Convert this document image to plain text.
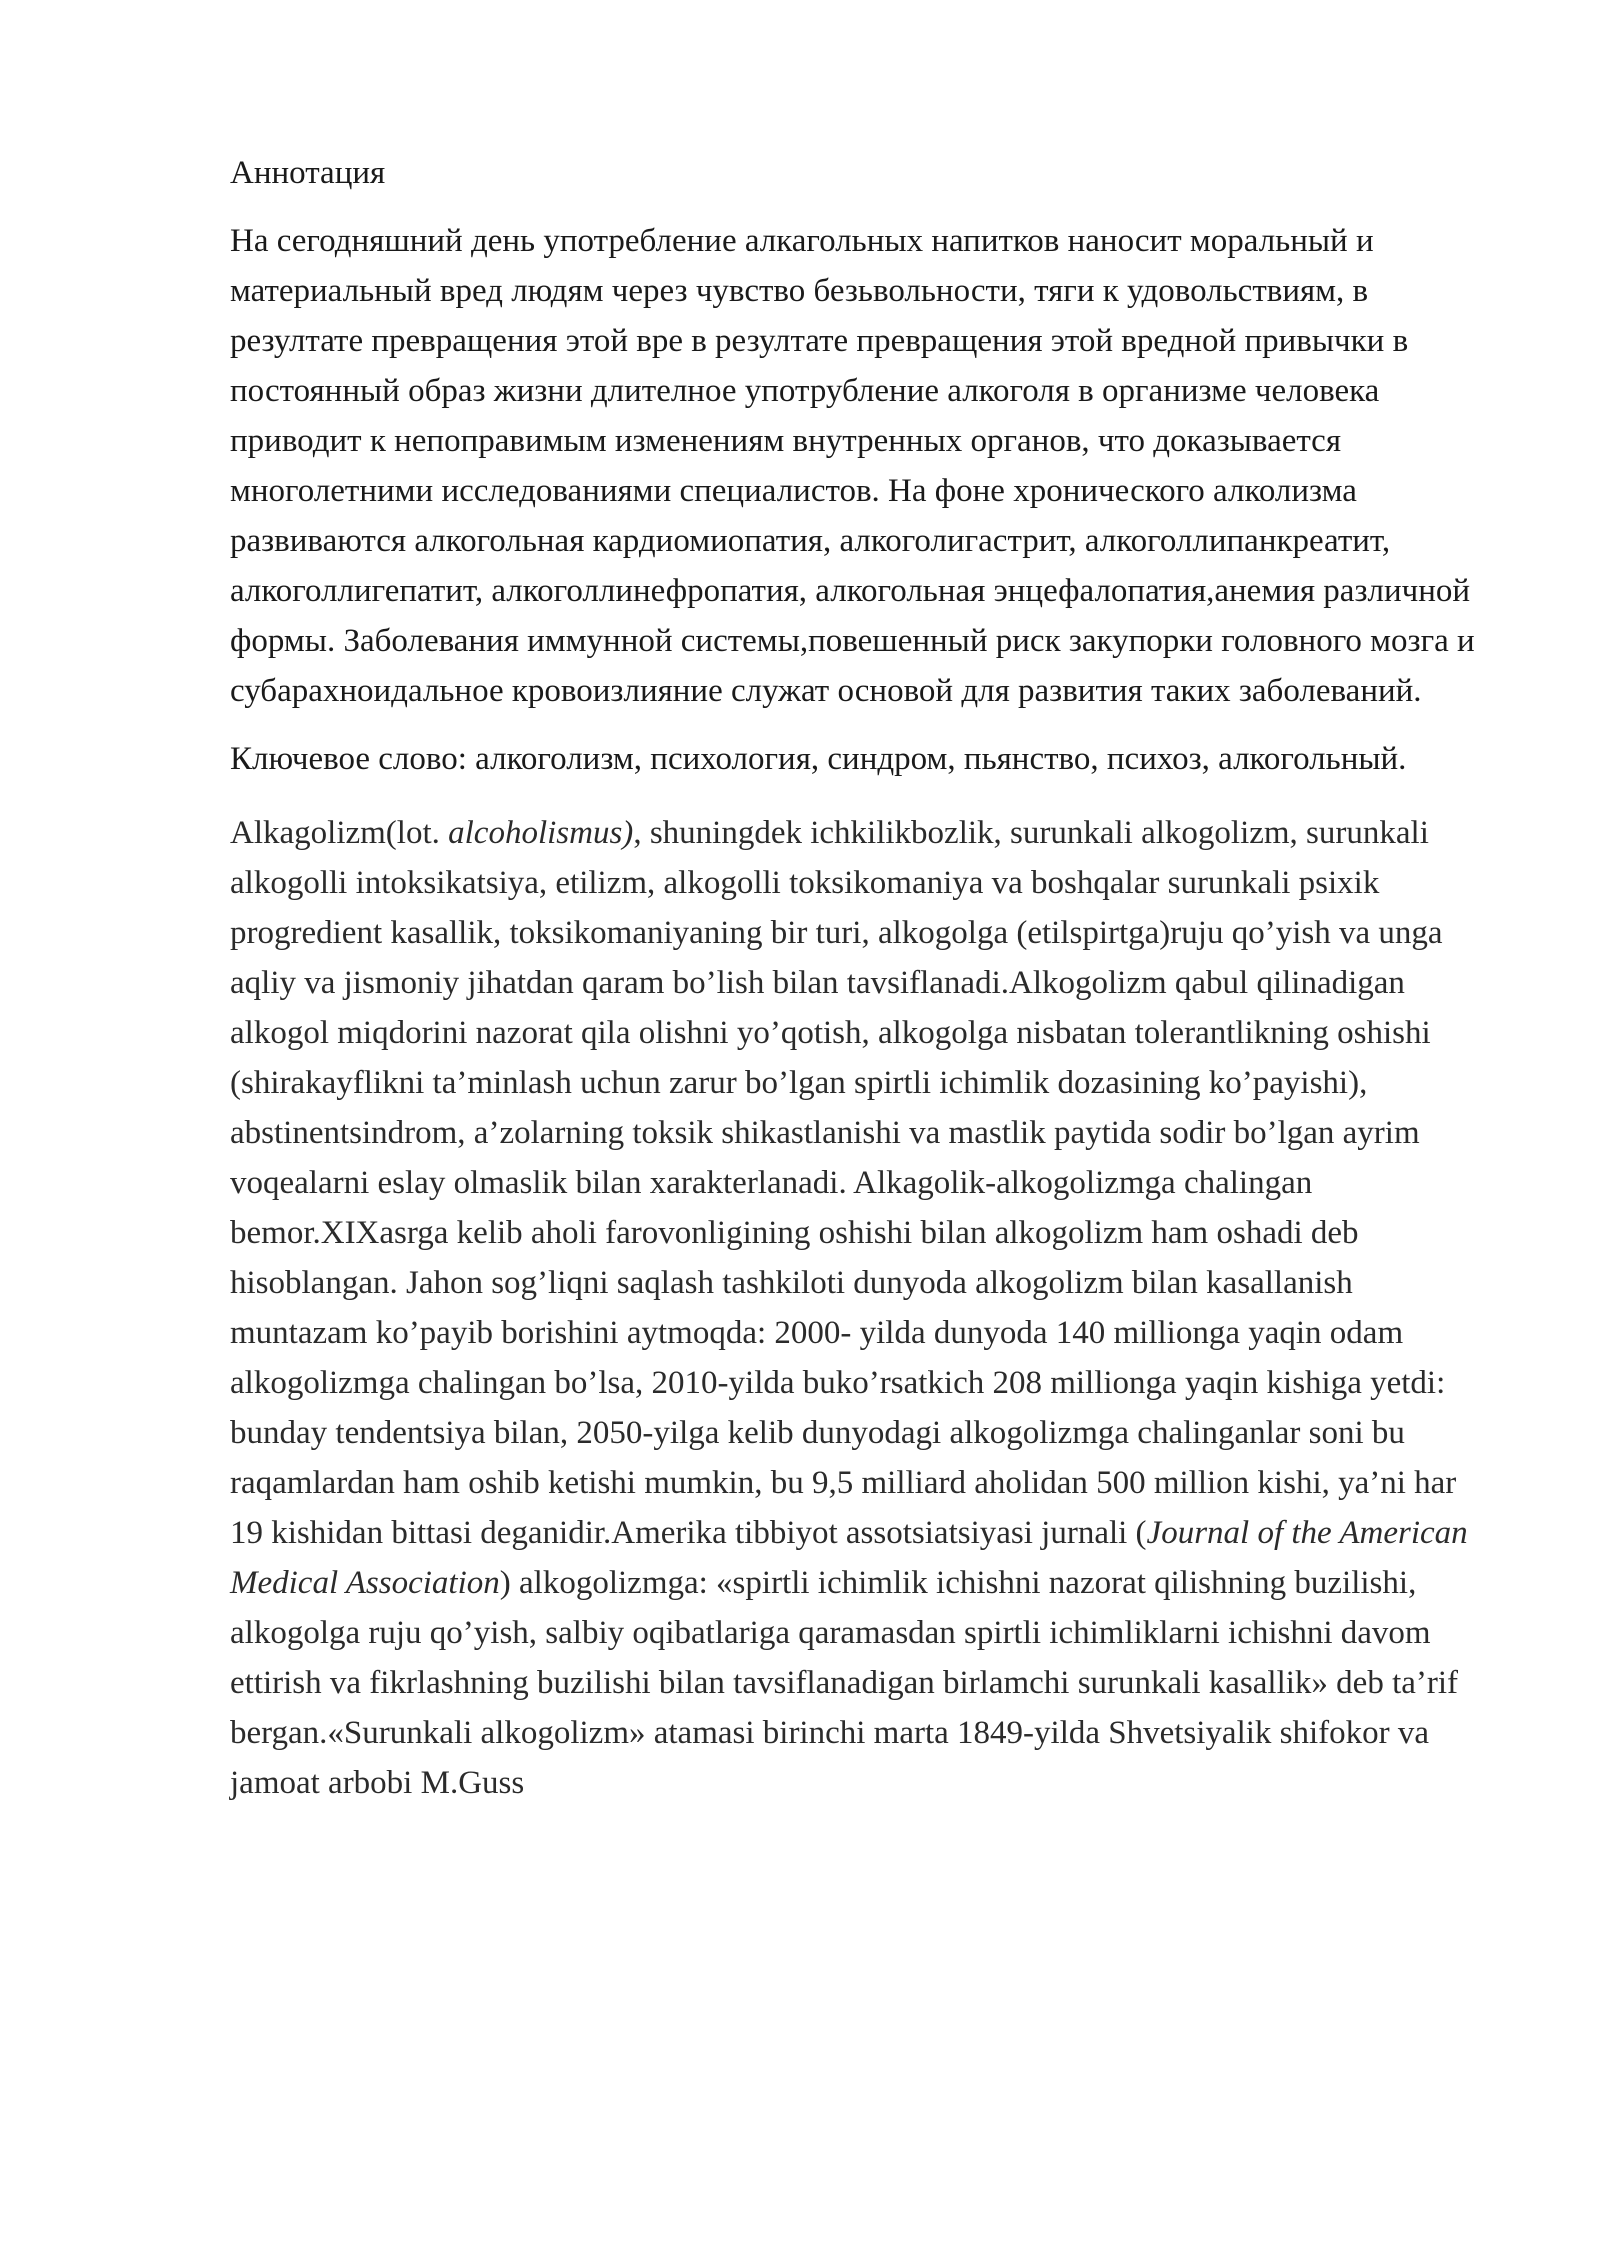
Аннотация

На сегодняшний день употребление алкагольных напитков наносит моральный и материальный вред людям через чувство безьвольности, тяги к удовольствиям, в резултате превращения этой вре в резултате превращения этой вредной привычки в постоянный образ жизни длителное употрубление алкоголя в организме человека приводит к непоправимым изменениям внутренных органов, что доказывается многолетними исследованиями специалистов. На фоне хронического алколизма развиваются алкогольная кардиомиопатия, алкоголигастрит, алкоголлипанкреатит, алкоголлигепатит, алкоголлинефропатия, алкогольная энцефалопатия,анемия различной формы. Заболевания иммунной системы,повешенный риск закупорки головного мозга и субарахноидальное кровоизлияние служат основой для развития таких заболеваний.

Ключевое слово: алкоголизм, психология, синдром, пьянство, психоз, алкогольный.

Alkagolizm(lot. alcoholismus), shuningdek ichkilikbozlik, surunkali alkogolizm, surunkali alkogolli intoksikatsiya, etilizm, alkogolli toksikomaniya va boshqalar surunkali psixik progredient kasallik, toksikomaniyaning bir turi, alkogolga (etilspirtga)ruju qo’yish va unga aqliy va jismoniy jihatdan qaram bo’lish bilan tavsiflanadi.Alkogolizm qabul qilinadigan alkogol miqdorini nazorat qila olishni yo’qotish, alkogolga nisbatan tolerantlikning oshishi (shirakayflikni ta’minlash uchun zarur bo’lgan spirtli ichimlik dozasining ko’payishi), abstinentsindrom, a’zolarning toksik shikastlanishi va mastlik paytida sodir bo’lgan ayrim voqealarni eslay olmaslik bilan xarakterlanadi. Alkagolik-alkogolizmga chalingan bemor.XIXasrga kelib aholi farovonligining oshishi bilan alkogolizm ham oshadi deb hisoblangan. Jahon sog’liqni saqlash tashkiloti dunyoda alkogolizm bilan kasallanish muntazam ko’payib borishini aytmoqda: 2000- yilda dunyoda 140 millionga yaqin odam alkogolizmga chalingan bo’lsa, 2010-yilda buko’rsatkich 208 millionga yaqin kishiga yetdi: bunday tendentsiya bilan, 2050-yilga kelib dunyodagi alkogolizmga chalinganlar soni bu raqamlardan ham oshib ketishi mumkin, bu 9,5 milliard aholidan 500 million kishi, ya’ni har 19 kishidan bittasi deganidir.Amerika tibbiyot assotsiatsiyasi jurnali (Journal of the American Medical Association) alkogolizmga: «spirtli ichimlik ichishni nazorat qilishning buzilishi, alkogolga ruju qo’yish, salbiy oqibatlariga qaramasdan spirtli ichimliklarni ichishni davom ettirish va fikrlashning buzilishi bilan tavsiflanadigan birlamchi surunkali kasallik» deb ta’rif bergan.«Surunkali alkogolizm» atamasi birinchi marta 1849-yilda Shvetsiyalik shifokor va jamoat arbobi M.Guss
